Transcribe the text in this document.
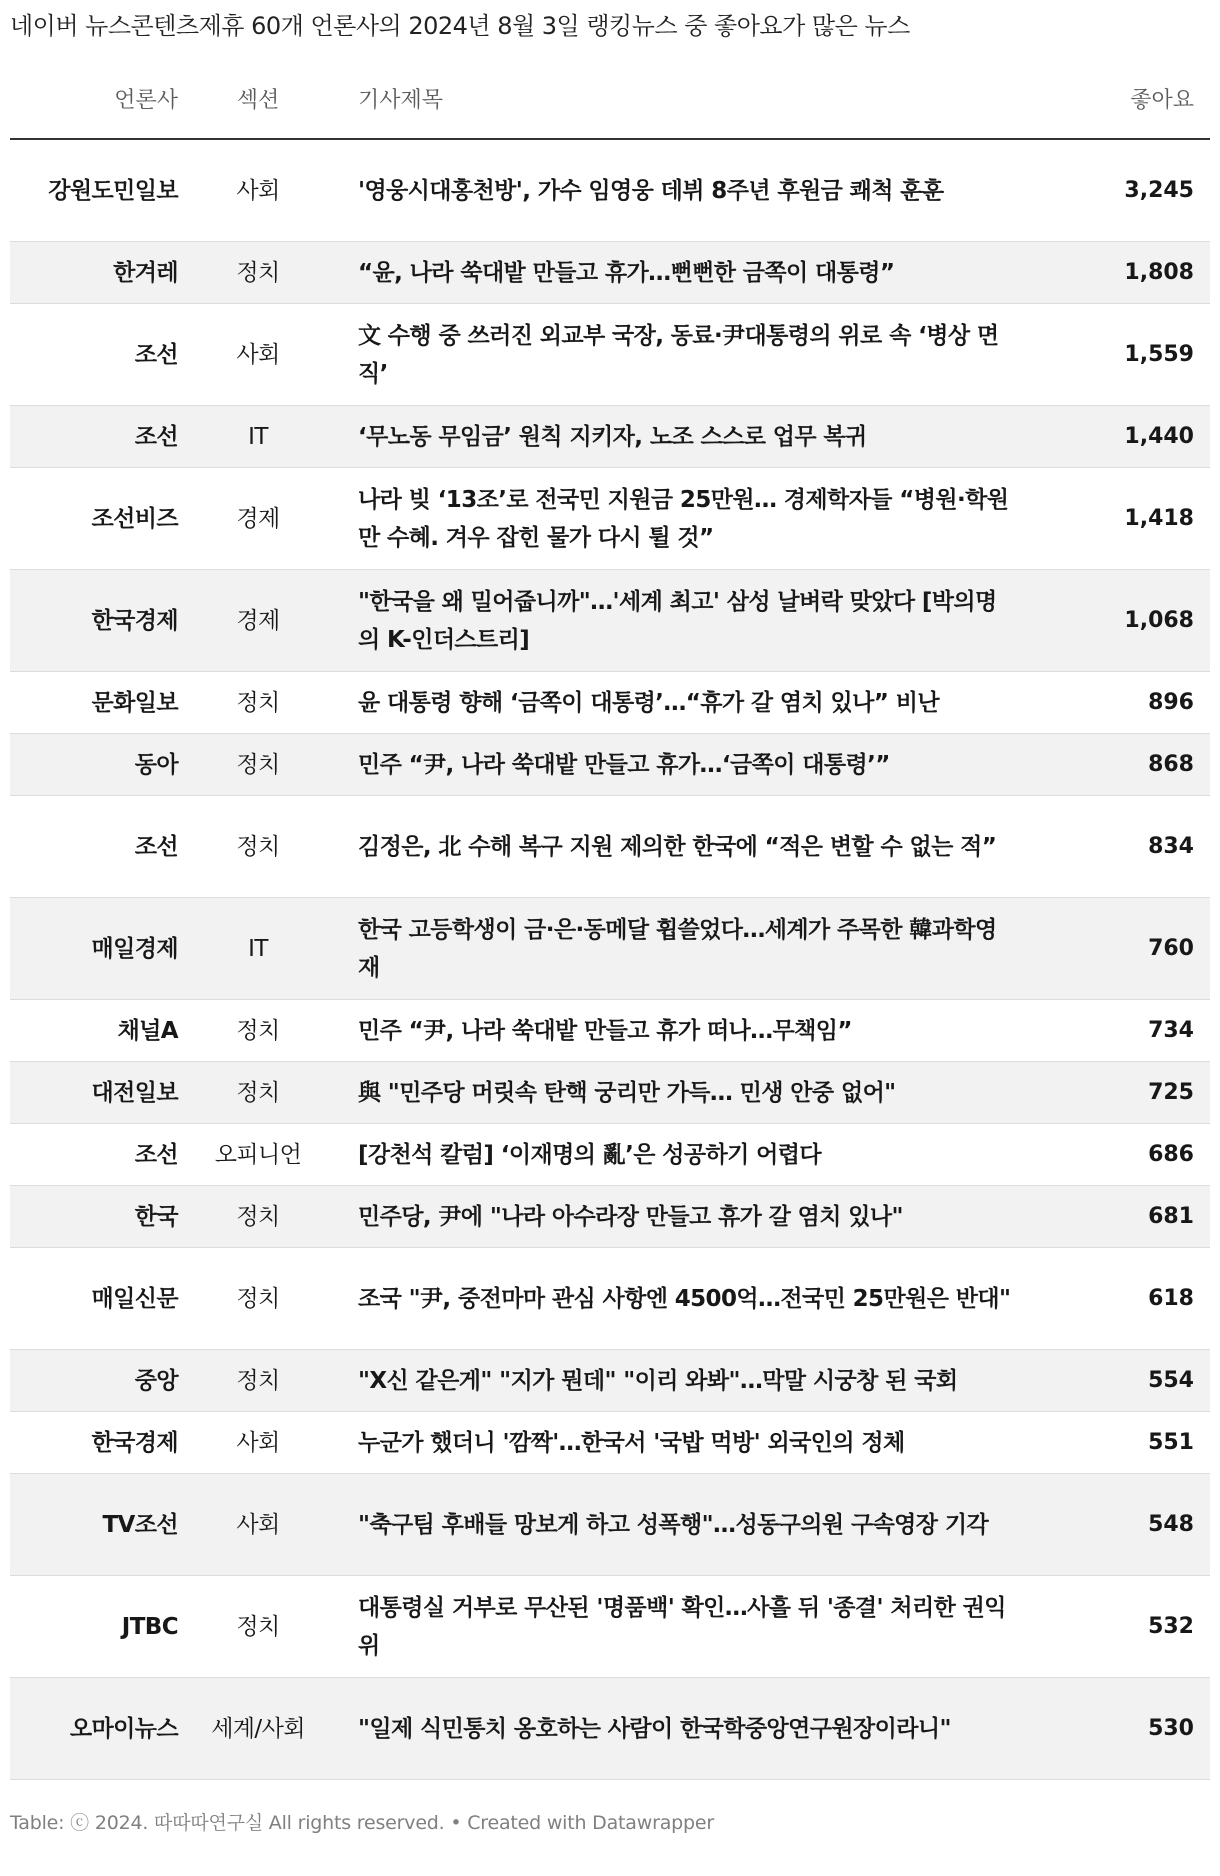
네이버 뉴스콘텐츠제휴 60개 언론사의 2024년 8월 3일 랭킹뉴스 중 좋아요가 많은 뉴스
언론사	섹션	기사제목	좋아요
강원도민일보	사회	'영웅시대홍천방', 가수 임영웅 데뷔 8주년 후원금 쾌척 훈훈	3,245
한겨레	정치	“윤, 나라 쑥대밭 만들고 휴가…뻔뻔한 금쪽이 대통령”	1,808
조선	사회	文 수행 중 쓰러진 외교부 국장, 동료·尹대통령의 위로 속 ‘병상 면직’	1,559
조선	IT	‘무노동 무임금’ 원칙 지키자, 노조 스스로 업무 복귀	1,440
조선비즈	경제	나라 빚 ‘13조’로 전국민 지원금 25만원… 경제학자들 “병원·학원만 수혜. 겨우 잡힌 물가 다시 튈 것”	1,418
한국경제	경제	"한국을 왜 밀어줍니까"…'세계 최고' 삼성 날벼락 맞았다 [박의명의 K-인더스트리]	1,068
문화일보	정치	윤 대통령 향해 ‘금쪽이 대통령’…“휴가 갈 염치 있나” 비난	896
동아	정치	민주 “尹, 나라 쑥대밭 만들고 휴가…‘금쪽이 대통령’”	868
조선	정치	김정은, 北 수해 복구 지원 제의한 한국에 “적은 변할 수 없는 적”	834
매일경제	IT	한국 고등학생이 금·은·동메달 휩쓸었다…세계가 주목한 韓과학영재	760
채널A	정치	민주 “尹, 나라 쑥대밭 만들고 휴가 떠나…무책임”	734
대전일보	정치	與 "민주당 머릿속 탄핵 궁리만 가득… 민생 안중 없어"	725
조선	오피니언	[강천석 칼럼] ‘이재명의 亂’은 성공하기 어렵다	686
한국	정치	민주당, 尹에 "나라 아수라장 만들고 휴가 갈 염치 있나"	681
매일신문	정치	조국 "尹, 중전마마 관심 사항엔 4500억…전국민 25만원은 반대"	618
중앙	정치	"X신 같은게" "지가 뭔데" "이리 와봐"…막말 시궁창 된 국회	554
한국경제	사회	누군가 했더니 '깜짝'…한국서 '국밥 먹방' 외국인의 정체	551
TV조선	사회	"축구팀 후배들 망보게 하고 성폭행"…성동구의원 구속영장 기각	548
JTBC	정치	대통령실 거부로 무산된 '명품백' 확인…사흘 뒤 '종결' 처리한 권익위	532
오마이뉴스	세계/사회	"일제 식민통치 옹호하는 사람이 한국학중앙연구원장이라니"	530
Table: ⓒ 2024. 따따따연구실 All rights reserved. • Created with Datawrapper
